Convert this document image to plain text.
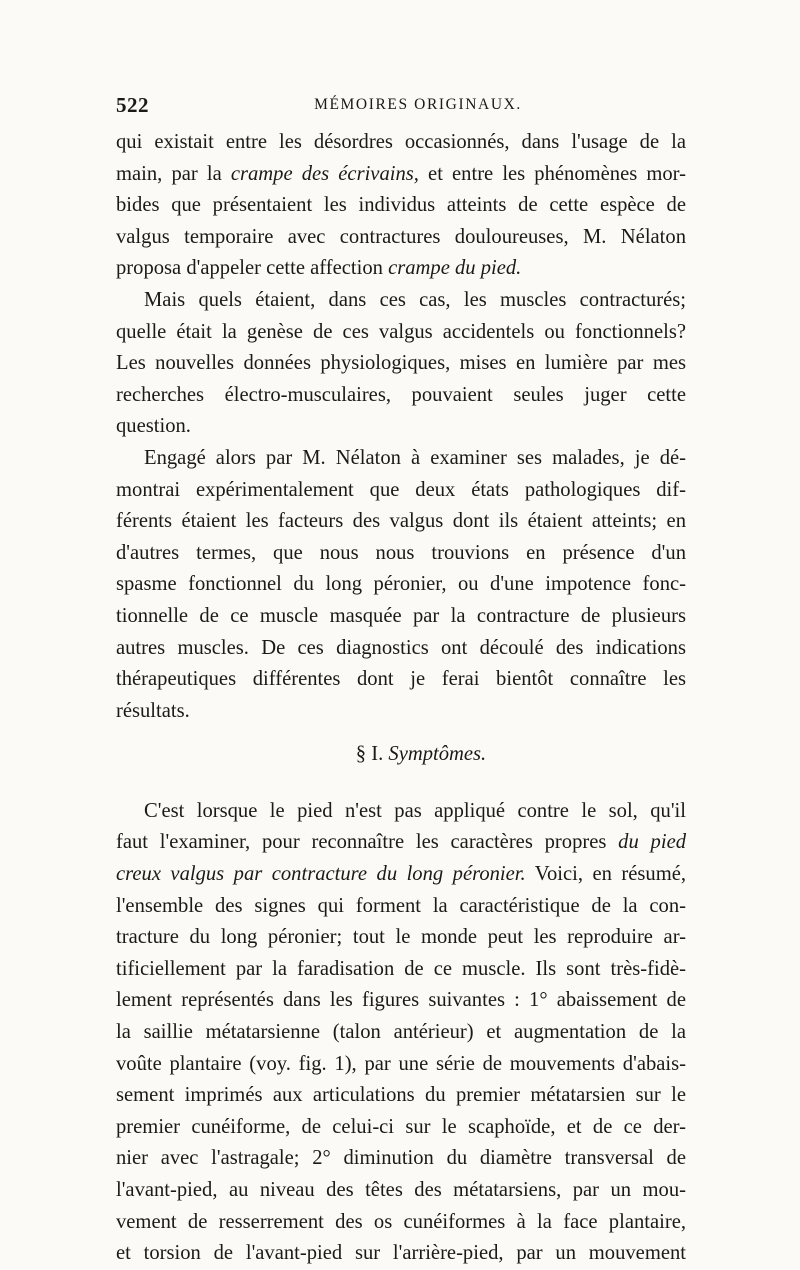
522	MÉMOIRES ORIGINAUX.
qui existait entre les désordres occasionnés, dans l'usage de la
main, par la crampe des écrivains, et entre les phénomènes mor-
bides que présentaient les individus atteints de cette espèce de
valgus temporaire avec contractures douloureuses, M. Nélaton
proposa d'appeler cette affection crampe du pied.
Mais quels étaient, dans ces cas, les muscles contracturés;
quelle était la genèse de ces valgus accidentels ou fonctionnels?
Les nouvelles données physiologiques, mises en lumière par mes
recherches électro-musculaires, pouvaient seules juger cette
question.
Engagé alors par M. Nélaton à examiner ses malades, je dé-
montrai expérimentalement que deux états pathologiques dif-
férents étaient les facteurs des valgus dont ils étaient atteints; en
d'autres termes, que nous nous trouvions en présence d'un
spasme fonctionnel du long péronier, ou d'une impotence fonc-
tionnelle de ce muscle masquée par la contracture de plusieurs
autres muscles. De ces diagnostics ont découlé des indications
thérapeutiques différentes dont je ferai bientôt connaître les
résultats.
§ I. Symptômes.
C'est lorsque le pied n'est pas appliqué contre le sol, qu'il
faut l'examiner, pour reconnaître les caractères propres du pied
creux valgus par contracture du long péronier. Voici, en résumé,
l'ensemble des signes qui forment la caractéristique de la con-
tracture du long péronier; tout le monde peut les reproduire ar-
tificiellement par la faradisation de ce muscle. Ils sont très-fidè-
lement représentés dans les figures suivantes : 1° abaissement de
la saillie métatarsienne (talon antérieur) et augmentation de la
voûte plantaire (voy. fig. 1), par une série de mouvements d'abais-
sement imprimés aux articulations du premier métatarsien sur le
premier cunéiforme, de celui-ci sur le scaphoïde, et de ce der-
nier avec l'astragale; 2° diminution du diamètre transversal de
l'avant-pied, au niveau des têtes des métatarsiens, par un mou-
vement de resserrement des os cunéiformes à la face plantaire,
et torsion de l'avant-pied sur l'arrière-pied, par un mouvement
